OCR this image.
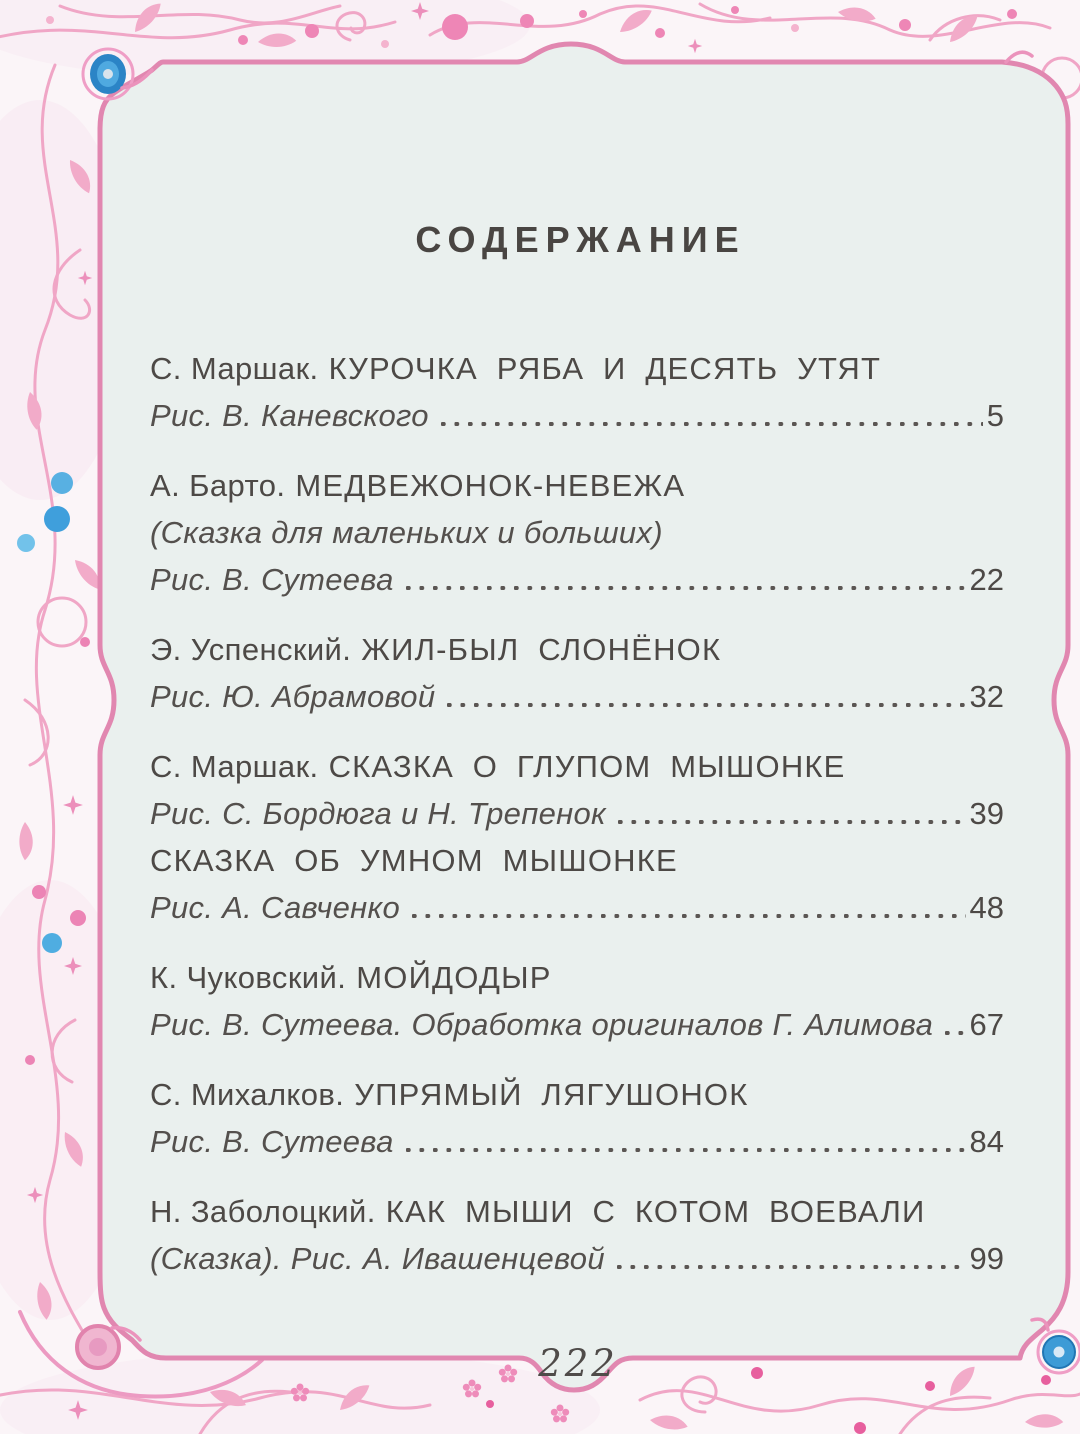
СОДЕРЖАНИЕ
С. Маршак. КУРОЧКА РЯБА И ДЕСЯТЬ УТЯТ
Рис. В. Каневского	5
А. Барто. МЕДВЕЖОНОК-НЕВЕЖА
(Сказка для маленьких и больших)
Рис. В. Сутеева	22
Э. Успенский. ЖИЛ-БЫЛ СЛОНЁНОК
Рис. Ю. Абрамовой	32
С. Маршак. СКАЗКА О ГЛУПОМ МЫШОНКЕ
Рис. С. Бордюга и Н. Трепенок	39
СКАЗКА ОБ УМНОМ МЫШОНКЕ
Рис. А. Савченко	48
К. Чуковский. МОЙДОДЫР
Рис. В. Сутеева. Обработка оригиналов Г. Алимова 67
С. Михалков. УПРЯМЫЙ ЛЯГУШОНОК
Рис. В. Сутеева	84
Н. Заболоцкий. КАК МЫШИ С КОТОМ ВОЕВАЛИ
(Сказка). Рис. А. Ивашенцевой	99
222
